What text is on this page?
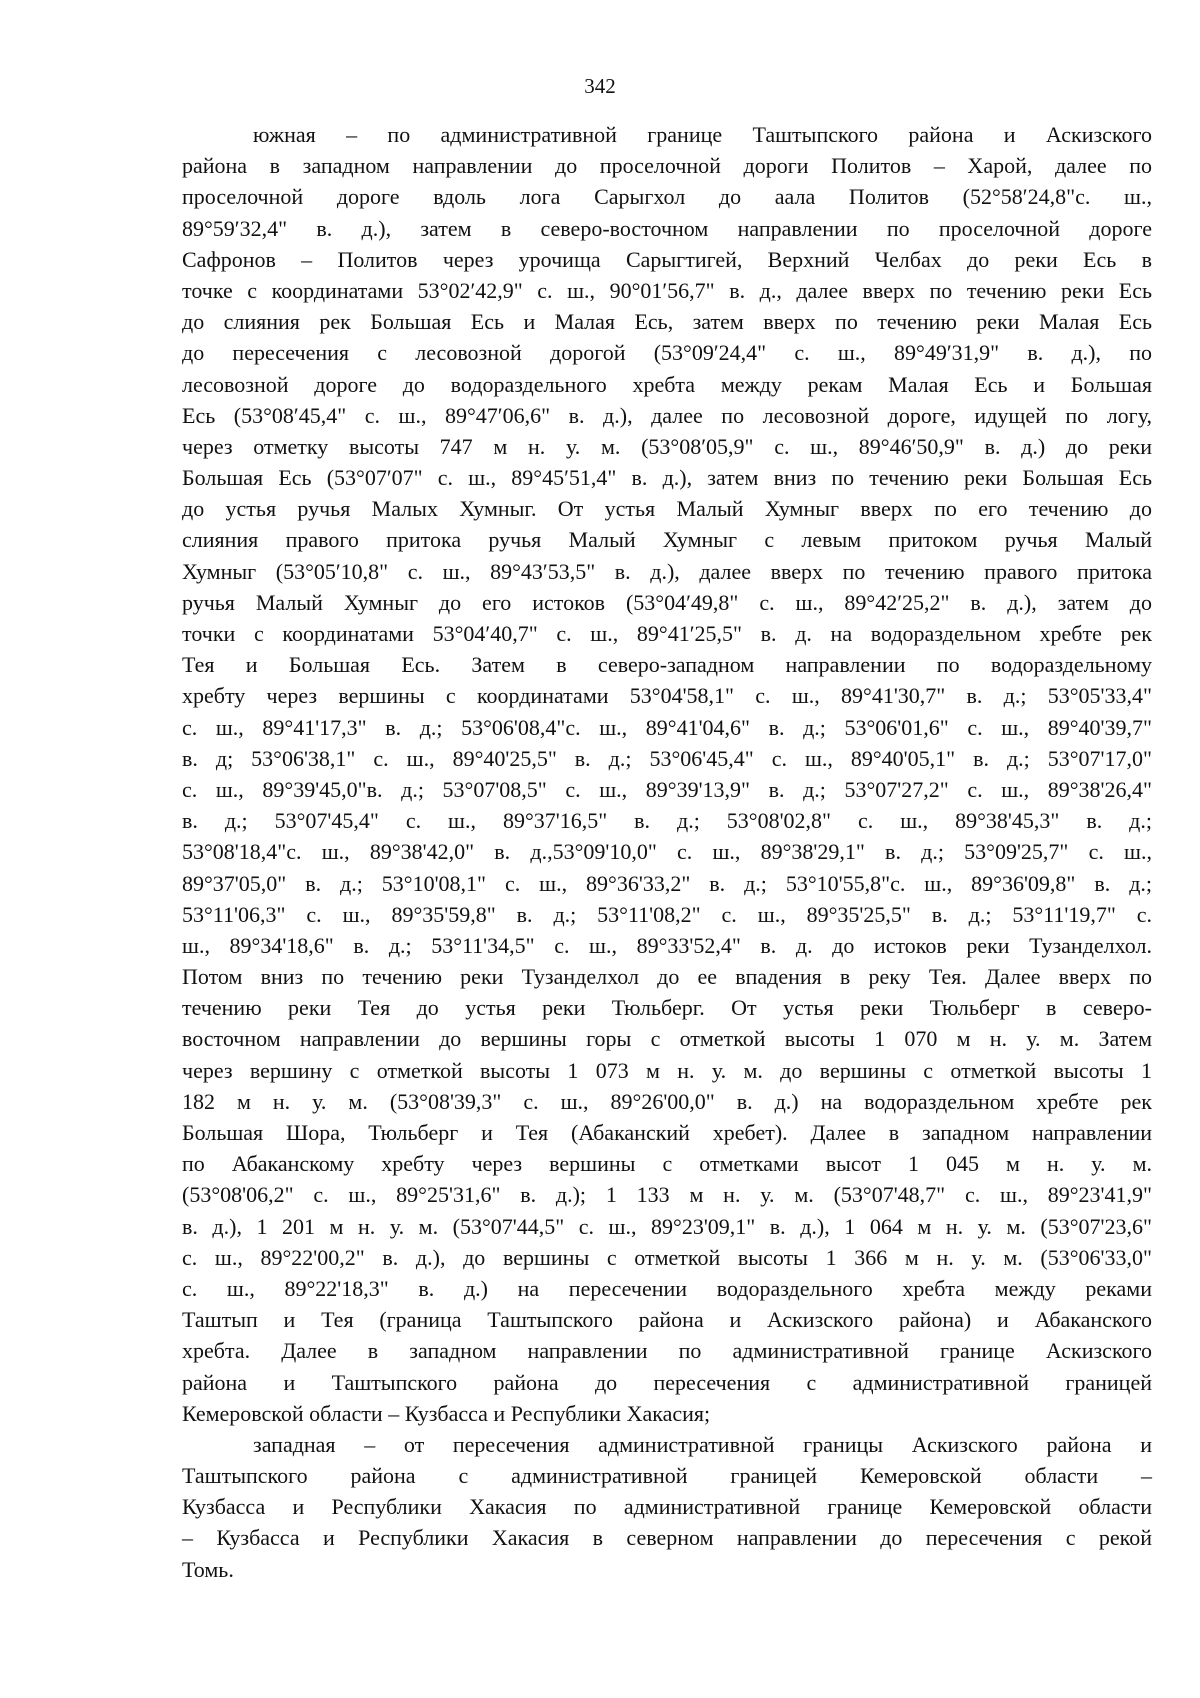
342
южная – по административной границе Таштыпского района и Аскизского
района в западном направлении до проселочной дороги Политов – Харой, далее по
проселочной дороге вдоль лога Сарыгхол до аала Политов (52°58′24,8"с. ш.,
89°59′32,4" в. д.), затем в северо-восточном направлении по проселочной дороге
Сафронов – Политов через урочища Сарыгтигей, Верхний Челбах до реки Есь в
точке с координатами 53°02′42,9" с. ш., 90°01′56,7" в. д., далее вверх по течению реки Есь
до слияния рек Большая Есь и Малая Есь, затем вверх по течению реки Малая Есь
до пересечения с лесовозной дорогой (53°09′24,4" с. ш., 89°49′31,9" в. д.), по
лесовозной дороге до водораздельного хребта между рекам Малая Есь и Большая
Есь (53°08′45,4" с. ш., 89°47′06,6" в. д.), далее по лесовозной дороге, идущей по логу,
через отметку высоты 747 м н. у. м. (53°08′05,9" с. ш., 89°46′50,9" в. д.) до реки
Большая Есь (53°07′07" с. ш., 89°45′51,4" в. д.), затем вниз по течению реки Большая Есь
до устья ручья Малых Хумныг. От устья Малый Хумныг вверх по его течению до
слияния правого притока ручья Малый Хумныг с левым притоком ручья Малый
Хумныг (53°05′10,8" с. ш., 89°43′53,5" в. д.), далее вверх по течению правого притока
ручья Малый Хумныг до его истоков (53°04′49,8" с. ш., 89°42′25,2" в. д.), затем до
точки с координатами 53°04′40,7" с. ш., 89°41′25,5" в. д. на водораздельном хребте рек
Тея и Большая Есь. Затем в северо-западном направлении по водораздельному
хребту через вершины с координатами 53°04'58,1" с. ш., 89°41'30,7" в. д.; 53°05'33,4"
с. ш., 89°41'17,3" в. д.; 53°06'08,4"с. ш., 89°41'04,6" в. д.; 53°06'01,6" с. ш., 89°40'39,7"
в. д; 53°06'38,1" с. ш., 89°40'25,5" в. д.; 53°06'45,4" с. ш., 89°40'05,1" в. д.; 53°07'17,0"
с. ш., 89°39'45,0"в. д.; 53°07'08,5" с. ш., 89°39'13,9" в. д.; 53°07'27,2" с. ш., 89°38'26,4"
в. д.; 53°07'45,4" с. ш., 89°37'16,5" в. д.; 53°08'02,8" с. ш., 89°38'45,3" в. д.;
53°08'18,4"с. ш., 89°38'42,0" в. д.,53°09'10,0" с. ш., 89°38'29,1" в. д.; 53°09'25,7" с. ш.,
89°37'05,0" в. д.; 53°10'08,1" с. ш., 89°36'33,2" в. д.; 53°10'55,8"с. ш., 89°36'09,8" в. д.;
53°11'06,3" с. ш., 89°35'59,8" в. д.; 53°11'08,2" с. ш., 89°35'25,5" в. д.; 53°11'19,7" с.
ш., 89°34'18,6" в. д.; 53°11'34,5" с. ш., 89°33'52,4" в. д. до истоков реки Тузанделхол.
Потом вниз по течению реки Тузанделхол до ее впадения в реку Тея. Далее вверх по
течению реки Тея до устья реки Тюльберг. От устья реки Тюльберг в северо-
восточном направлении до вершины горы с отметкой высоты 1 070 м н. у. м. Затем
через вершину с отметкой высоты 1 073 м н. у. м. до вершины с отметкой высоты 1
182 м н. у. м. (53°08'39,3" с. ш., 89°26'00,0" в. д.) на водораздельном хребте рек
Большая Шора, Тюльберг и Тея (Абаканский хребет). Далее в западном направлении
по Абаканскому хребту через вершины с отметками высот 1 045 м н. у. м.
(53°08'06,2" с. ш., 89°25'31,6" в. д.); 1 133 м н. у. м. (53°07'48,7" с. ш., 89°23'41,9"
в. д.), 1 201 м н. у. м. (53°07'44,5" с. ш., 89°23'09,1" в. д.), 1 064 м н. у. м. (53°07'23,6"
с. ш., 89°22'00,2" в. д.), до вершины с отметкой высоты 1 366 м н. у. м. (53°06'33,0"
с. ш., 89°22'18,3" в. д.) на пересечении водораздельного хребта между реками
Таштып и Тея (граница Таштыпского района и Аскизского района) и Абаканского
хребта. Далее в западном направлении по административной границе Аскизского
района и Таштыпского района до пересечения с административной границей
Кемеровской области – Кузбасса и Республики Хакасия;
западная – от пересечения административной границы Аскизского района и
Таштыпского района с административной границей Кемеровской области –
Кузбасса и Республики Хакасия по административной границе Кемеровской области
– Кузбасса и Республики Хакасия в северном направлении до пересечения с рекой
Томь.
